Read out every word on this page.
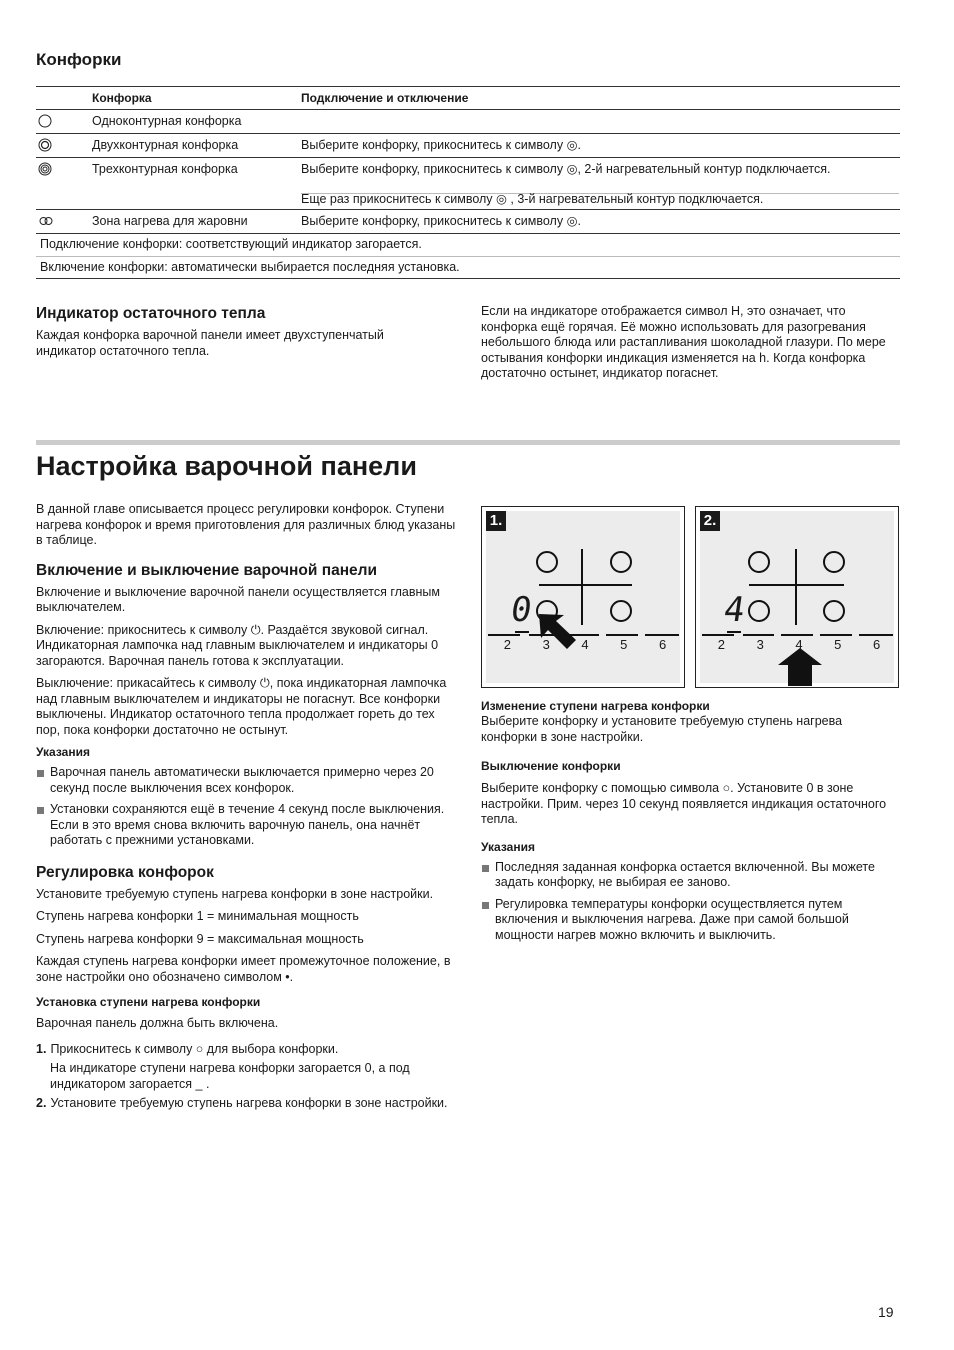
Конфорки
Конфорка	Подключение и отключение
Одноконтурная конфорка
Двухконтурная конфорка	Выберите конфорку, прикоснитесь к символу ◎.
Трехконтурная конфорка	Выберите конфорку, прикоснитесь к символу ◎, 2-й нагревательный контур подключается.
Еще раз прикоснитесь к символу ◎ , 3-й нагревательный контур подключается.
Зона нагрева для жаровни	Выберите конфорку, прикоснитесь к символу ◎.
Подключение конфорки: соответствующий индикатор загорается.
Включение конфорки: автоматически выбирается последняя установка.
Индикатор остаточного тепла

Каждая конфорка варочной панели имеет двухступенчатый индикатор остаточного тепла.

Если на индикаторе отображается символ H, это означает, что конфорка ещё горячая. Её можно использовать для разогревания небольшого блюда или растапливания шоколадной глазури. По мере остывания конфорки индикация изменяется на h. Когда конфорка достаточно остынет, индикатор погаснет.

Настройка варочной панели

В данной главе описывается процесс регулировки конфорок. Ступени нагрева конфорок и время приготовления для различных блюд указаны в таблице.

Включение и выключение варочной панели

Включение и выключение варочной панели осуществляется главным выключателем.

Включение: прикоснитесь к символу ⏻. Раздаётся звуковой сигнал. Индикаторная лампочка над главным выключателем и индикаторы 0 загораются. Варочная панель готова к эксплуатации.

Выключение: прикасайтесь к символу ⏻, пока индикаторная лампочка над главным выключателем и индикаторы не погаснут. Все конфорки выключены. Индикатор остаточного тепла продолжает гореть до тех пор, пока конфорки достаточно не остынут.

Указания
Варочная панель автоматически выключается примерно через 20 секунд после выключения всех конфорок.
Установки сохраняются ещё в течение 4 секунд после выключения. Если в это время снова включить варочную панель, она начнёт работать с прежними установками.
Регулировка конфорок

Установите требуемую ступень нагрева конфорки в зоне настройки.

Ступень нагрева конфорки 1 = минимальная мощность

Ступень нагрева конфорки 9 = максимальная мощность

Каждая ступень нагрева конфорки имеет промежуточное положение, в зоне настройки оно обозначено символом •.

Установка ступени нагрева конфорки

Варочная панель должна быть включена.

1. Прикоснитесь к символу ○ для выбора конфорки.

На индикаторе ступени нагрева конфорки загорается 0, а под индикатором загорается _ .

2. Установите требуемую ступень нагрева конфорки в зоне настройки.
1.
0
2 3 4 5 6
2.
4
2 3 4 5 6
Изменение ступени нагрева конфорки

Выберите конфорку и установите требуемую ступень нагрева конфорки в зоне настройки.

Выключение конфорки

Выберите конфорку с помощью символа ○. Установите 0 в зоне настройки. Прим. через 10 секунд появляется индикация остаточного тепла.

Указания
Последняя заданная конфорка остается включенной. Вы можете задать конфорку, не выбирая ее заново.
Регулировка температуры конфорки осуществляется путем включения и выключения нагрева. Даже при самой большой мощности нагрев можно включить и выключить.
19
